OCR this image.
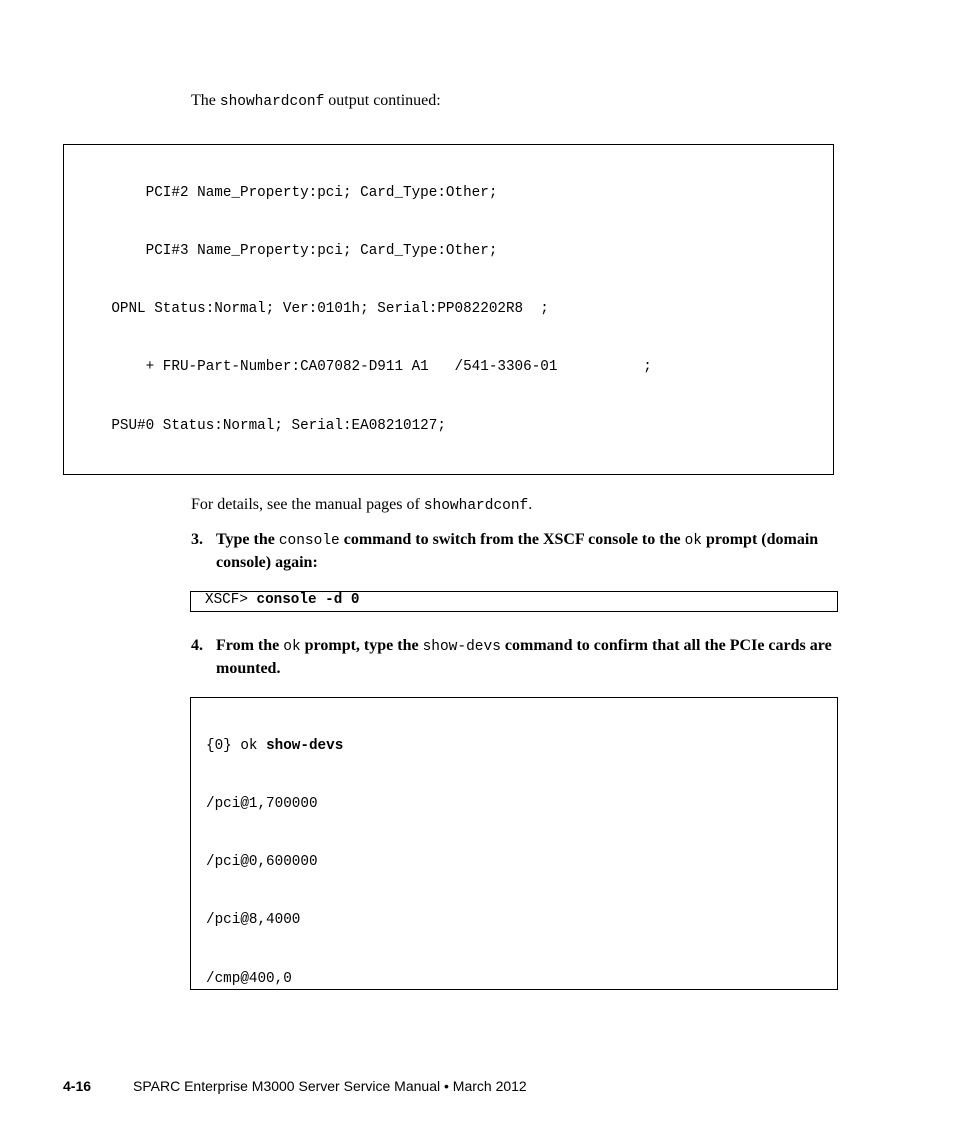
The showhardconf output continued:

PCI#2 Name_Property:pci; Card_Type:Other;

PCI#3 Name_Property:pci; Card_Type:Other;

OPNL Status:Normal; Ver:0101h; Serial:PP082202R8  ;

+ FRU-Part-Number:CA07082-D911 A1   /541-3306-01          ;

PSU#0 Status:Normal; Serial:EA08210127;

For details, see the manual pages of showhardconf.
3. Type the console command to switch from the XSCF console to the ok prompt (domain console) again:
XSCF> console -d 0
4. From the ok prompt, type the show-devs command to confirm that all the PCIe cards are mounted.

{0} ok show-devs

/pci@1,700000

/pci@0,600000

/pci@8,4000

/cmp@400,0

4-16	SPARC Enterprise M3000 Server Service Manual • March 2012
